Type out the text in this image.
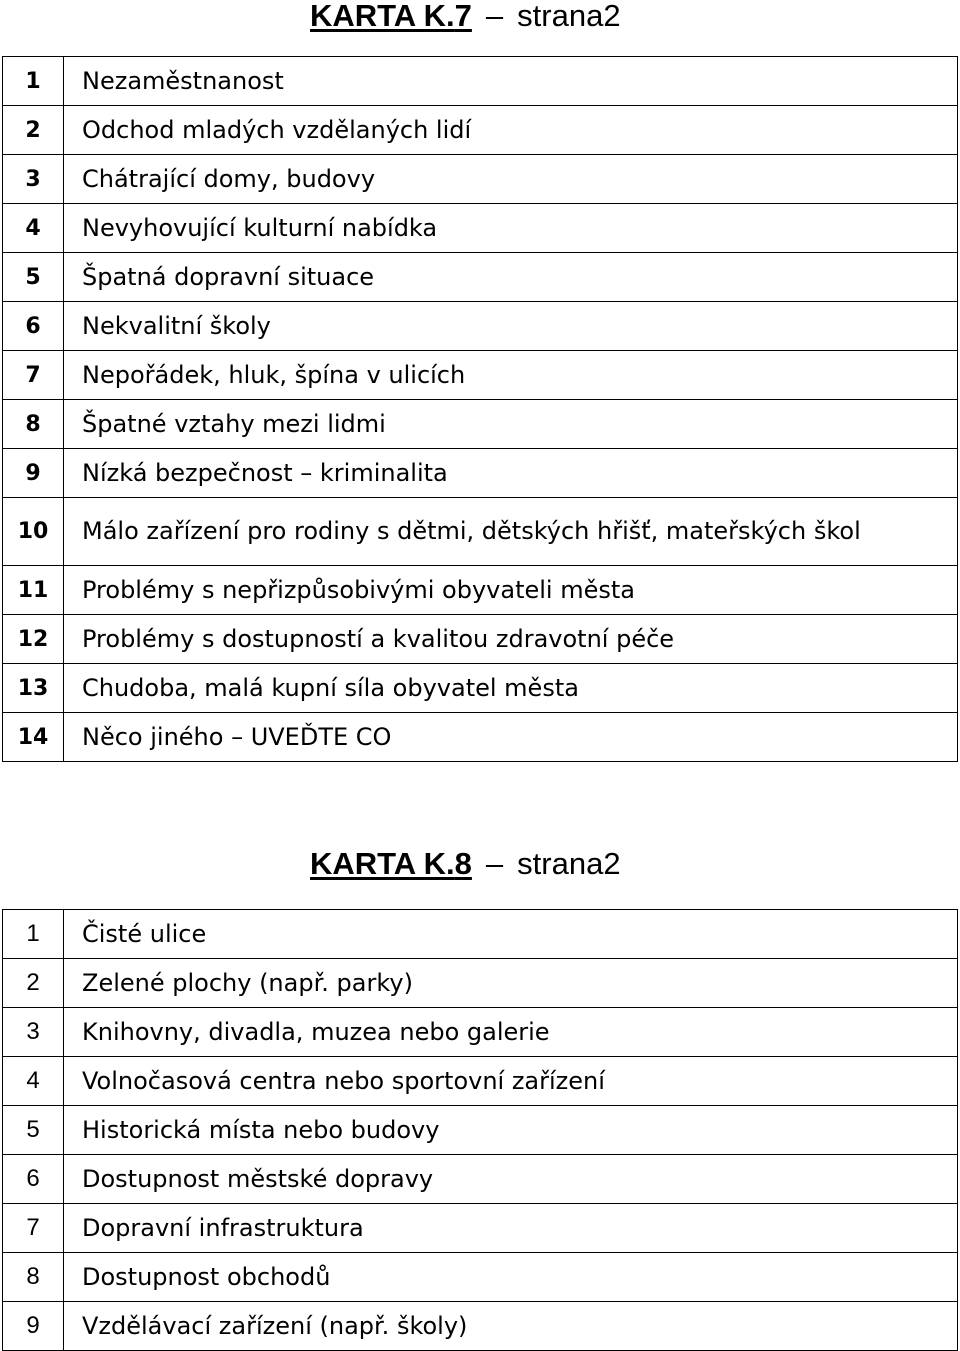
KARTA K.7 – strana2
1	Nezaměstnanost
2	Odchod mladých vzdělaných lidí
3	Chátrající domy, budovy
4	Nevyhovující kulturní nabídka
5	Špatná dopravní situace
6	Nekvalitní školy
7	Nepořádek, hluk, špína v ulicích
8	Špatné vztahy mezi lidmi
9	Nízká bezpečnost – kriminalita
10	Málo zařízení pro rodiny s dětmi, dětských hřišť, mateřských škol
11	Problémy s nepřizpůsobivými obyvateli města
12	Problémy s dostupností a kvalitou zdravotní péče
13	Chudoba, malá kupní síla obyvatel města
14	Něco jiného – UVEĎTE CO
KARTA K.8 – strana2
1	Čisté ulice
2	Zelené plochy (např. parky)
3	Knihovny, divadla, muzea nebo galerie
4	Volnočasová centra nebo sportovní zařízení
5	Historická místa nebo budovy
6	Dostupnost městské dopravy
7	Dopravní infrastruktura
8	Dostupnost obchodů
9	Vzdělávací zařízení (např. školy)
